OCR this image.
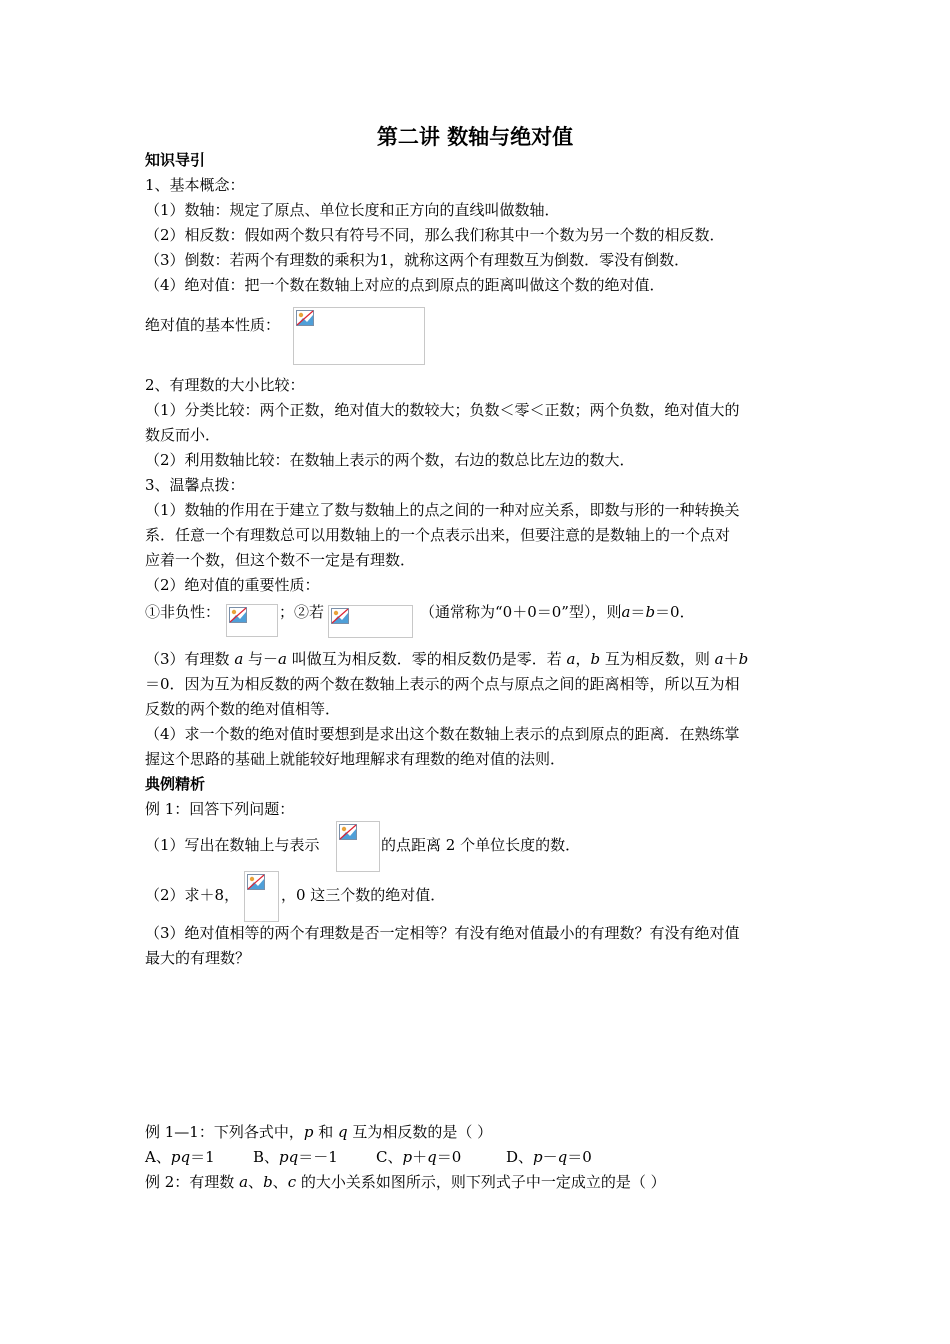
第二讲 数轴与绝对值
知识导引
1、基本概念：
（1）数轴：规定了原点、单位长度和正方向的直线叫做数轴．
（2）相反数：假如两个数只有符号不同，那么我们称其中一个数为另一个数的相反数．
（3）倒数：若两个有理数的乘积为1，就称这两个有理数互为倒数．零没有倒数．
（4）绝对值：把一个数在数轴上对应的点到原点的距离叫做这个数的绝对值．
绝对值的基本性质：
2、有理数的大小比较：
（1）分类比较：两个正数，绝对值大的数较大；负数＜零＜正数；两个负数，绝对值大的
数反而小．
（2）利用数轴比较：在数轴上表示的两个数，右边的数总比左边的数大．
3、温馨点拨：
（1）数轴的作用在于建立了数与数轴上的点之间的一种对应关系，即数与形的一种转换关
系．任意一个有理数总可以用数轴上的一个点表示出来，但要注意的是数轴上的一个点对
应着一个数，但这个数不一定是有理数．
（2）绝对值的重要性质：
①非负性：	；②若	（通常称为“0＋0＝0”型），则a＝b＝0．
（3）有理数 a 与－a 叫做互为相反数．零的相反数仍是零．若 a，b 互为相反数，则 a＋b
＝0．因为互为相反数的两个数在数轴上表示的两个点与原点之间的距离相等，所以互为相
反数的两个数的绝对值相等．
（4）求一个数的绝对值时要想到是求出这个数在数轴上表示的点到原点的距离．在熟练掌
握这个思路的基础上就能较好地理解求有理数的绝对值的法则．
典例精析
例 1：回答下列问题：
（1）写出在数轴上与表示	的点距离 2 个单位长度的数．
（2）求＋8，	，0 这三个数的绝对值．
（3）绝对值相等的两个有理数是否一定相等？有没有绝对值最小的有理数？有没有绝对值
最大的有理数？
例 1—1：下列各式中，p 和 q 互为相反数的是（ ）
A、pq＝1	B、pq＝－1	C、p＋q＝0	D、p－q＝0
例 2：有理数 a、b、c 的大小关系如图所示，则下列式子中一定成立的是（ ）
